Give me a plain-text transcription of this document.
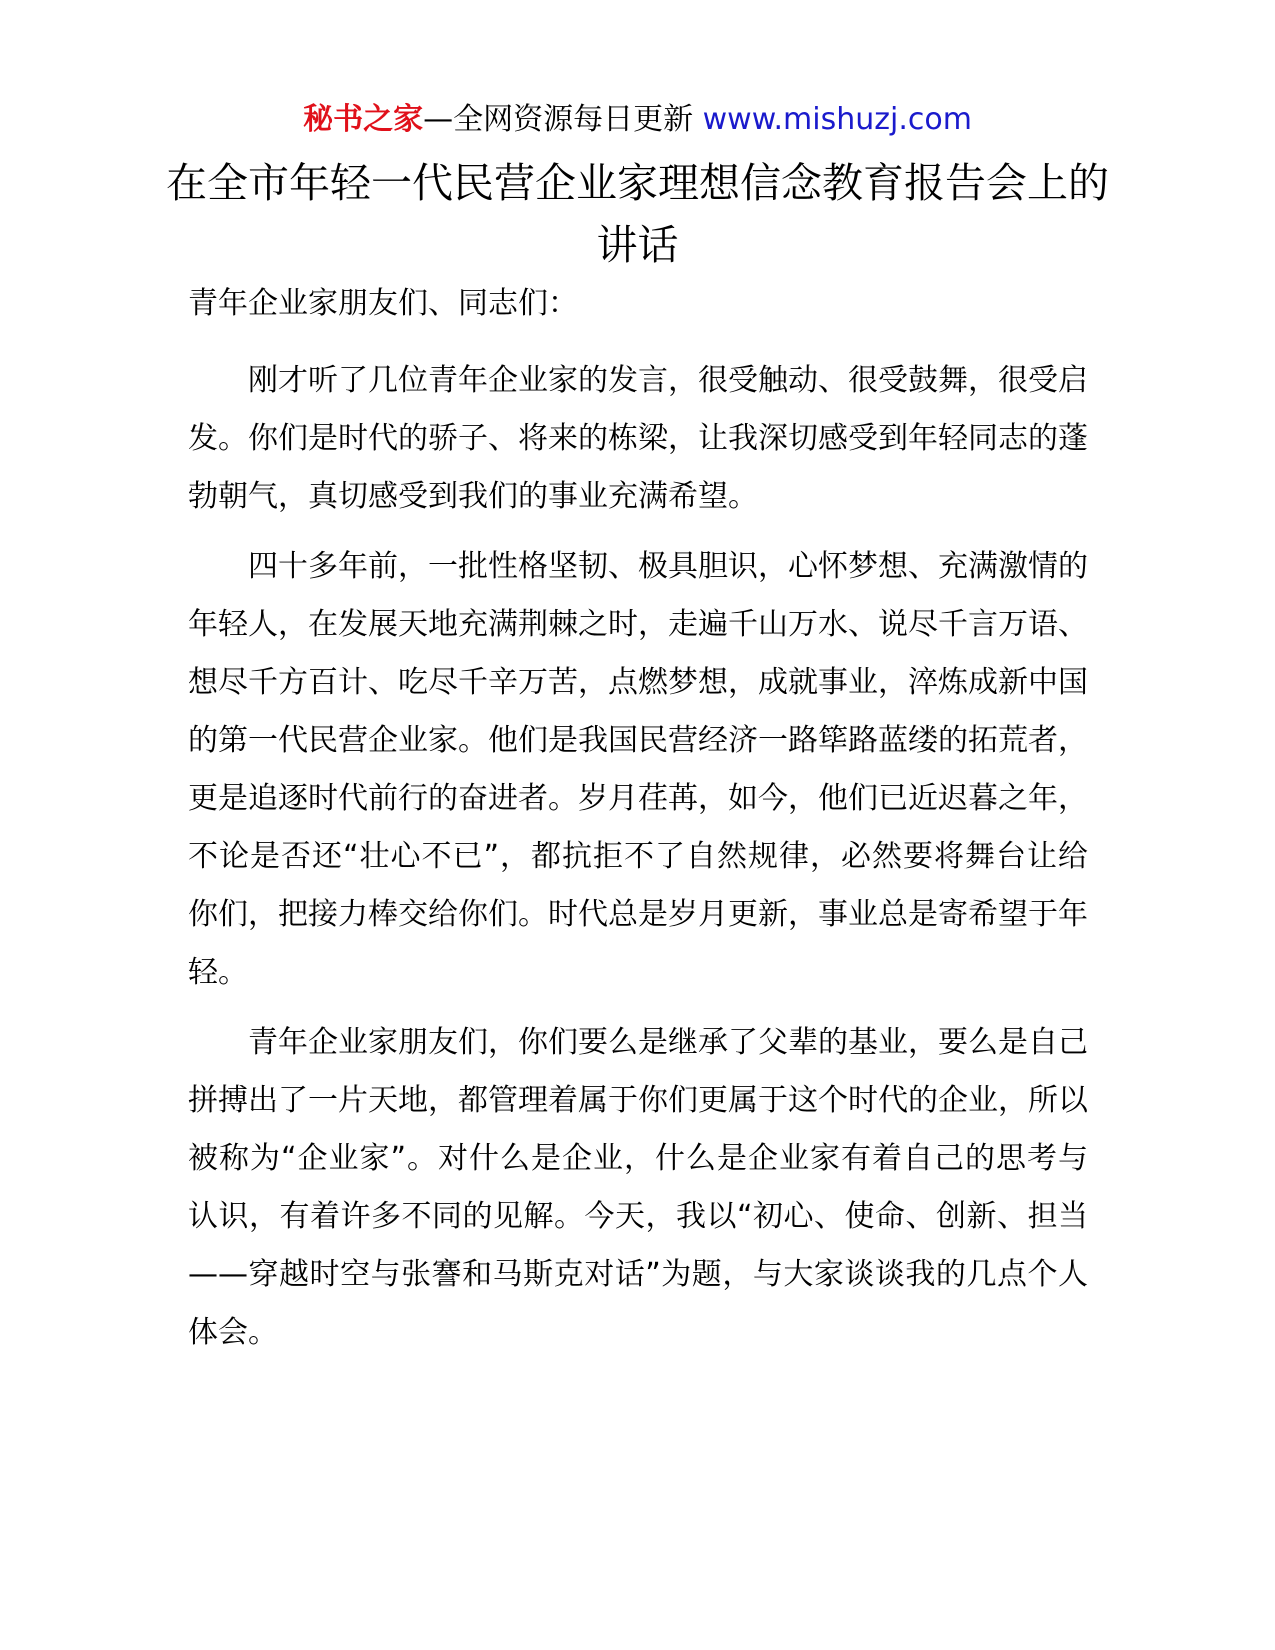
秘书之家—全网资源每日更新 www.mishuzj.com
在全市年轻一代民营企业家理想信念教育报告会上的讲话

青年企业家朋友们、同志们：

刚才听了几位青年企业家的发言，很受触动、很受鼓舞，很受启发。你们是时代的骄子、将来的栋梁，让我深切感受到年轻同志的蓬勃朝气，真切感受到我们的事业充满希望。

四十多年前，一批性格坚韧、极具胆识，心怀梦想、充满激情的年轻人，在发展天地充满荆棘之时，走遍千山万水、说尽千言万语、想尽千方百计、吃尽千辛万苦，点燃梦想，成就事业，淬炼成新中国的第一代民营企业家。他们是我国民营经济一路筚路蓝缕的拓荒者，更是追逐时代前行的奋进者。岁月荏苒，如今，他们已近迟暮之年，不论是否还“壮心不已”，都抗拒不了自然规律，必然要将舞台让给你们，把接力棒交给你们。时代总是岁月更新，事业总是寄希望于年轻。

青年企业家朋友们，你们要么是继承了父辈的基业，要么是自己拼搏出了一片天地，都管理着属于你们更属于这个时代的企业，所以被称为“企业家”。对什么是企业，什么是企业家有着自己的思考与认识，有着许多不同的见解。今天，我以“初心、使命、创新、担当——穿越时空与张謇和马斯克对话”为题，与大家谈谈我的几点个人体会。
